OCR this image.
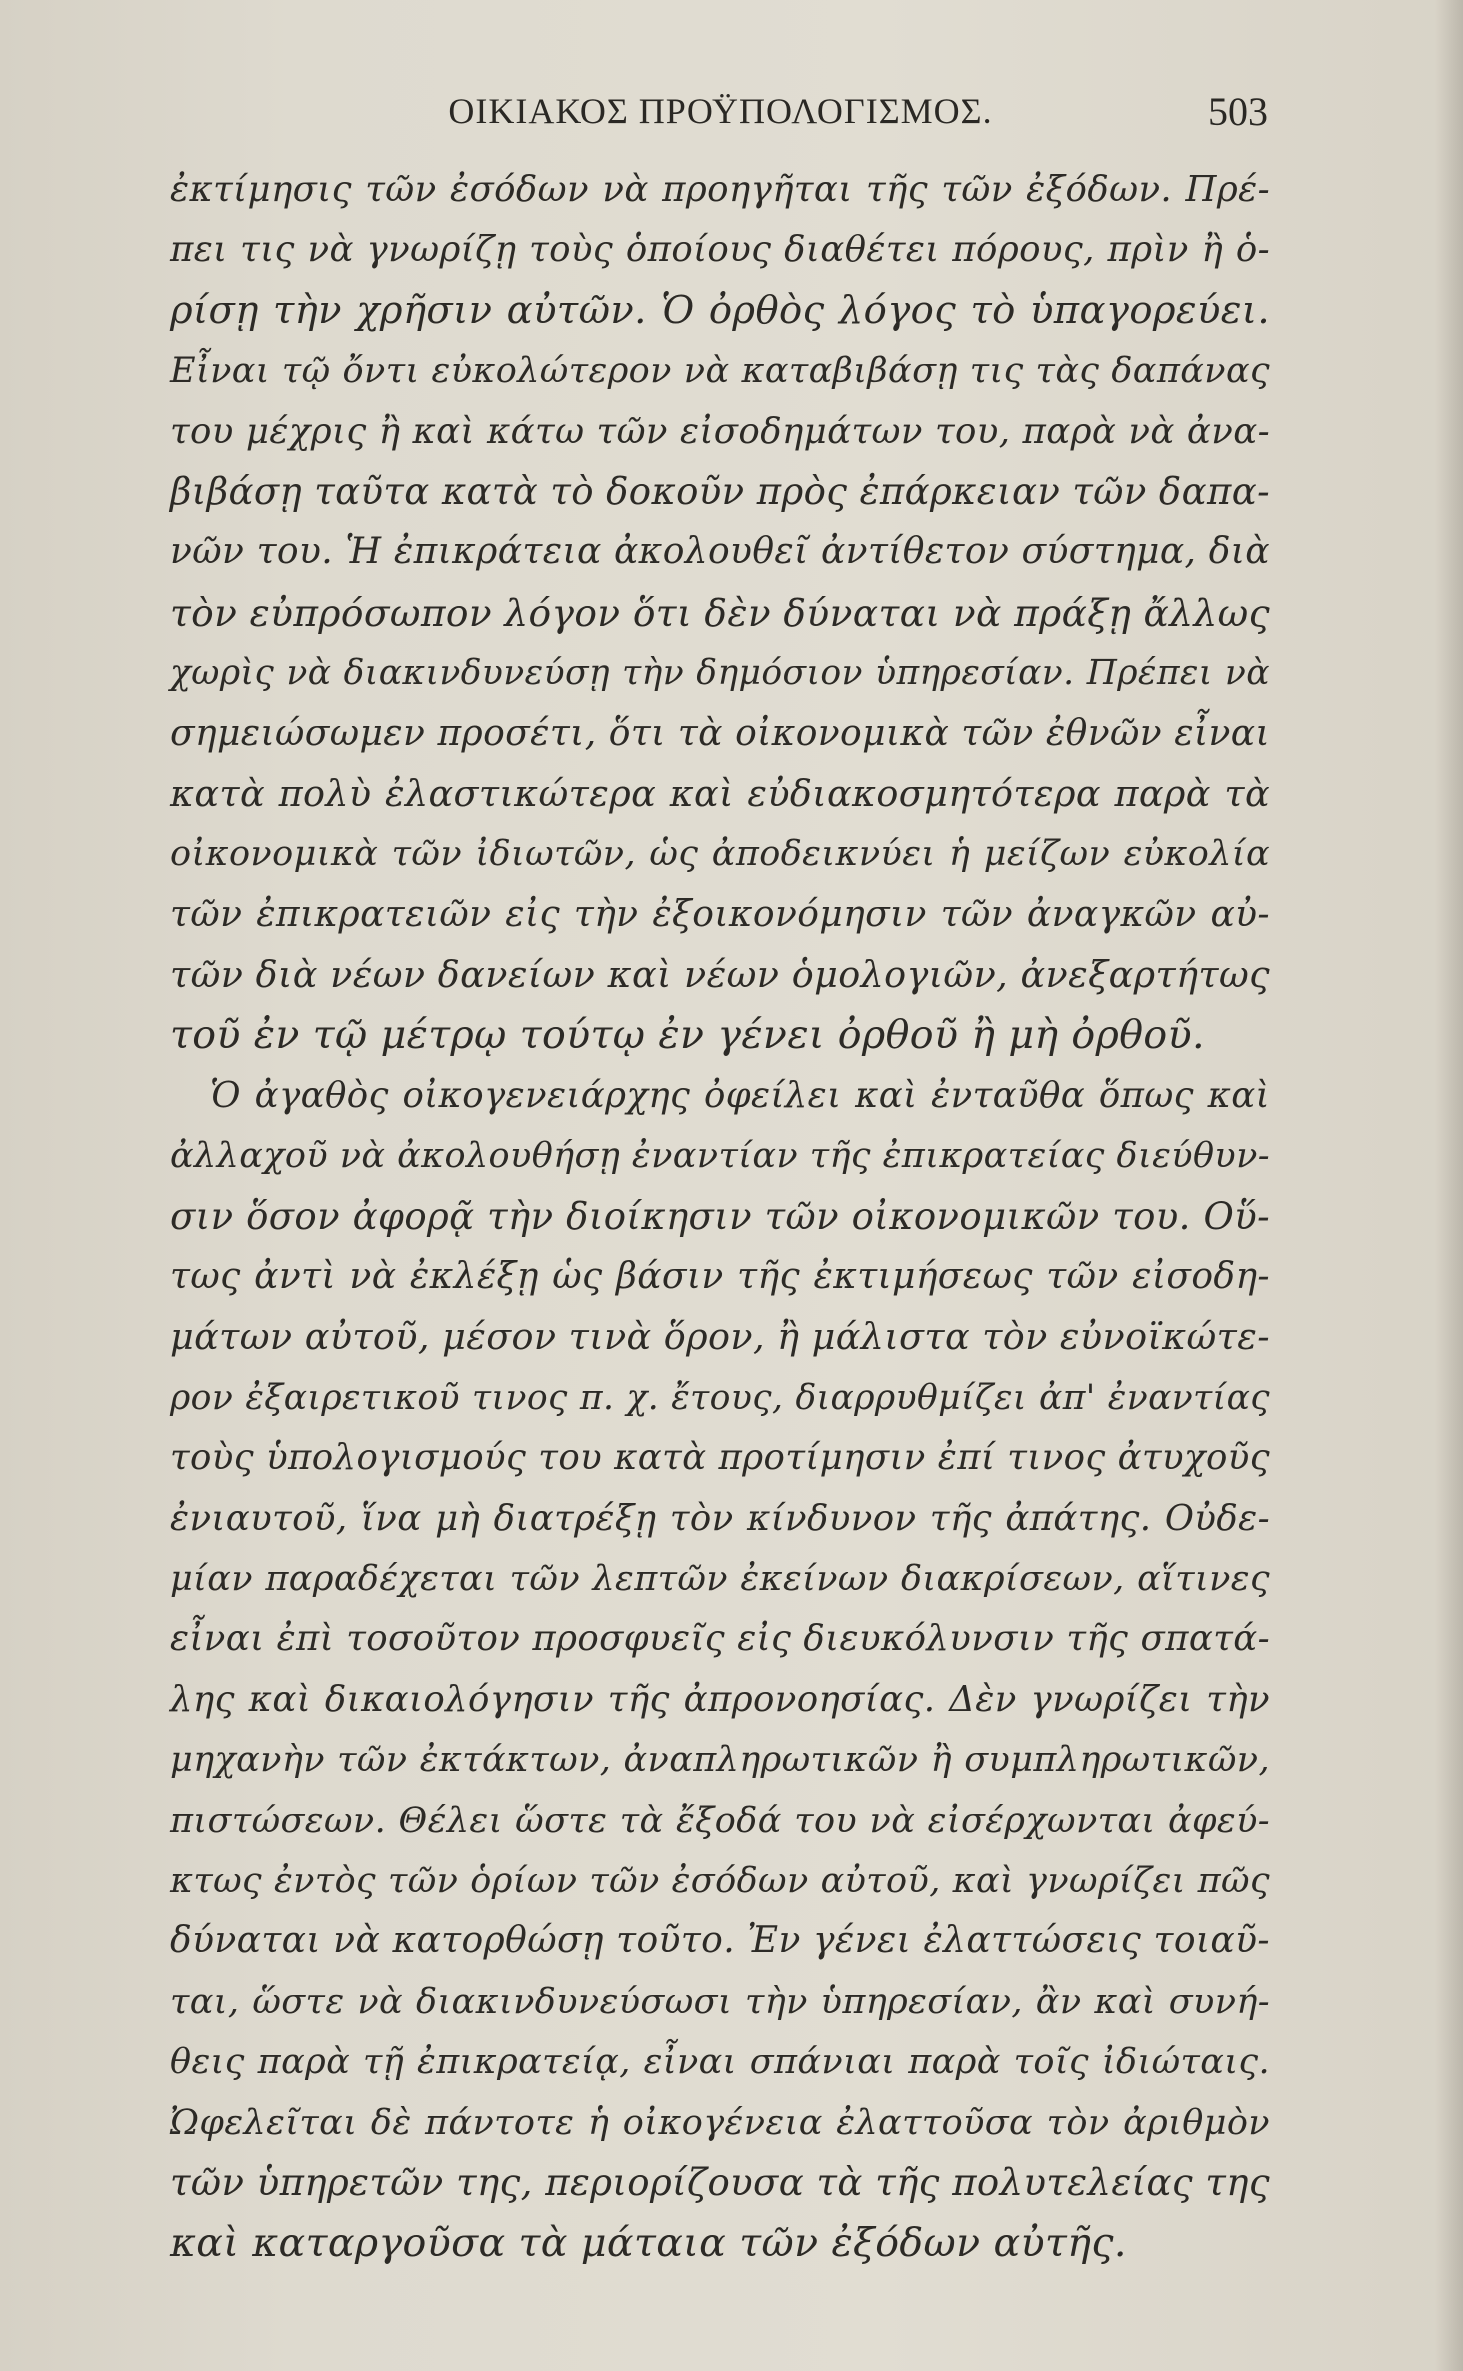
ΟΙΚΙΑΚΟΣ ΠΡΟΫΠΟΛΟΓΙΣΜΟΣ.	503
ἐκτίμησις τῶν ἐσόδων νὰ προηγῆται τῆς τῶν ἐξόδων. Πρέ-
πει τις νὰ γνωρίζῃ τοὺς ὁποίους διαθέτει πόρους, πρὶν ἢ ὁ-
ρίσῃ τὴν χρῆσιν αὐτῶν. Ὁ ὀρθὸς λόγος τὸ ὑπαγορεύει.
Εἶναι τῷ ὄντι εὐκολώτερον νὰ καταβιβάσῃ τις τὰς δαπάνας
του μέχρις ἢ καὶ κάτω τῶν εἰσοδημάτων του, παρὰ νὰ ἀνα-
βιβάσῃ ταῦτα κατὰ τὸ δοκοῦν πρὸς ἐπάρκειαν τῶν δαπα-
νῶν του. Ἡ ἐπικράτεια ἀκολουθεῖ ἀντίθετον σύστημα, διὰ
τὸν εὐπρόσωπον λόγον ὅτι δὲν δύναται νὰ πράξῃ ἄλλως
χωρὶς νὰ διακινδυνεύσῃ τὴν δημόσιον ὑπηρεσίαν. Πρέπει νὰ
σημειώσωμεν προσέτι, ὅτι τὰ οἰκονομικὰ τῶν ἐθνῶν εἶναι
κατὰ πολὺ ἐλαστικώτερα καὶ εὐδιακοσμητότερα παρὰ τὰ
οἰκονομικὰ τῶν ἰδιωτῶν, ὡς ἀποδεικνύει ἡ μείζων εὐκολία
τῶν ἐπικρατειῶν εἰς τὴν ἐξοικονόμησιν τῶν ἀναγκῶν αὐ-
τῶν διὰ νέων δανείων καὶ νέων ὁμολογιῶν, ἀνεξαρτήτως
τοῦ ἐν τῷ μέτρῳ τούτῳ ἐν γένει ὀρθοῦ ἢ μὴ ὀρθοῦ.
Ὁ ἀγαθὸς οἰκογενειάρχης ὀφείλει καὶ ἐνταῦθα ὅπως καὶ
ἀλλαχοῦ νὰ ἀκολουθήσῃ ἐναντίαν τῆς ἐπικρατείας διεύθυν-
σιν ὅσον ἀφορᾷ τὴν διοίκησιν τῶν οἰκονομικῶν του. Οὕ-
τως ἀντὶ νὰ ἐκλέξῃ ὡς βάσιν τῆς ἐκτιμήσεως τῶν εἰσοδη-
μάτων αὐτοῦ, μέσον τινὰ ὅρον, ἢ μάλιστα τὸν εὐνοϊκώτε-
ρον ἐξαιρετικοῦ τινος π. χ. ἔτους, διαρρυθμίζει ἀπ' ἐναντίας
τοὺς ὑπολογισμούς του κατὰ προτίμησιν ἐπί τινος ἀτυχοῦς
ἐνιαυτοῦ, ἵνα μὴ διατρέξῃ τὸν κίνδυνον τῆς ἀπάτης. Οὐδε-
μίαν παραδέχεται τῶν λεπτῶν ἐκείνων διακρίσεων, αἵτινες
εἶναι ἐπὶ τοσοῦτον προσφυεῖς εἰς διευκόλυνσιν τῆς σπατά-
λης καὶ δικαιολόγησιν τῆς ἀπρονοησίας. Δὲν γνωρίζει τὴν
μηχανὴν τῶν ἐκτάκτων, ἀναπληρωτικῶν ἢ συμπληρωτικῶν,
πιστώσεων. Θέλει ὥστε τὰ ἔξοδά του νὰ εἰσέρχωνται ἀφεύ-
κτως ἐντὸς τῶν ὁρίων τῶν ἐσόδων αὐτοῦ, καὶ γνωρίζει πῶς
δύναται νὰ κατορθώσῃ τοῦτο. Ἐν γένει ἐλαττώσεις τοιαῦ-
ται, ὥστε νὰ διακινδυνεύσωσι τὴν ὑπηρεσίαν, ἂν καὶ συνή-
θεις παρὰ τῇ ἐπικρατείᾳ, εἶναι σπάνιαι παρὰ τοῖς ἰδιώταις.
Ὠφελεῖται δὲ πάντοτε ἡ οἰκογένεια ἐλαττοῦσα τὸν ἀριθμὸν
τῶν ὑπηρετῶν της, περιορίζουσα τὰ τῆς πολυτελείας της
καὶ καταργοῦσα τὰ μάταια τῶν ἐξόδων αὐτῆς.
